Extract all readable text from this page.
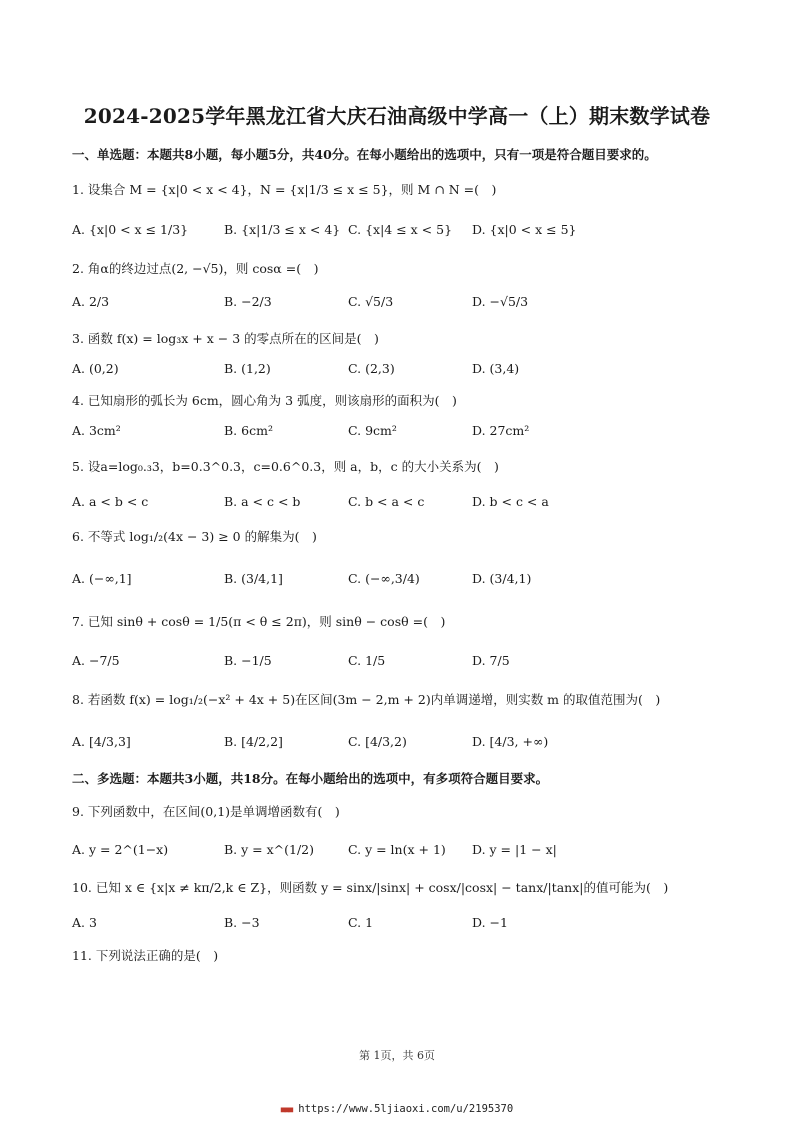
2024-2025学年黑龙江省大庆石油高级中学高一（上）期末数学试卷
一、单选题：本题共8小题，每小题5分，共40分。在每小题给出的选项中，只有一项是符合题目要求的。
1. 设集合 M = {x|0 < x < 4}，N = {x|1/3 ≤ x ≤ 5}，则 M ∩ N =(　)
A. {x|0 < x ≤ 1/3}	B. {x|1/3 ≤ x < 4} C. {x|4 ≤ x < 5} D. {x|0 < x ≤ 5}
2. 角α的终边过点(2, −√5)，则 cosα =(　)
A. 2/3	B. −2/3	C. √5/3	D. −√5/3
3. 函数 f(x) = log₃x + x − 3 的零点所在的区间是(　)
A. (0,2)	B. (1,2)	C. (2,3)	D. (3,4)
4. 已知扇形的弧长为 6cm，圆心角为 3 弧度，则该扇形的面积为(　)
A. 3cm²	B. 6cm²	C. 9cm²	D. 27cm²
5. 设a=log₀.₃3，b=0.3^0.3，c=0.6^0.3，则 a，b，c 的大小关系为(　)
A. a < b < c	B. a < c < b	C. b < a < c	D. b < c < a
6. 不等式 log₁/₂(4x − 3) ≥ 0 的解集为(　)
A. (−∞,1]	B. (3/4,1]	C. (−∞,3/4)	D. (3/4,1)
7. 已知 sinθ + cosθ = 1/5(π < θ ≤ 2π)，则 sinθ − cosθ =(　)
A. −7/5	B. −1/5	C. 1/5	D. 7/5
8. 若函数 f(x) = log₁/₂(−x² + 4x + 5)在区间(3m − 2,m + 2)内单调递增，则实数 m 的取值范围为(　)
A. [4/3,3]	B. [4/2,2]	C. [4/3,2)	D. [4/3, +∞)
二、多选题：本题共3小题，共18分。在每小题给出的选项中，有多项符合题目要求。
9. 下列函数中，在区间(0,1)是单调增函数有(　)
A. y = 2^(1−x)	B. y = x^(1/2)	C. y = ln(x + 1) D. y = |1 − x|
10. 已知 x ∈ {x|x ≠ kπ/2,k ∈ Z}，则函数 y = sinx/|sinx| + cosx/|cosx| − tanx/|tanx|的值可能为(　)
A. 3	B. −3	C. 1	D. −1
11. 下列说法正确的是(　)
第 1页，共 6页
■■■ https://www.5ljiaoxi.com/u/2195370
